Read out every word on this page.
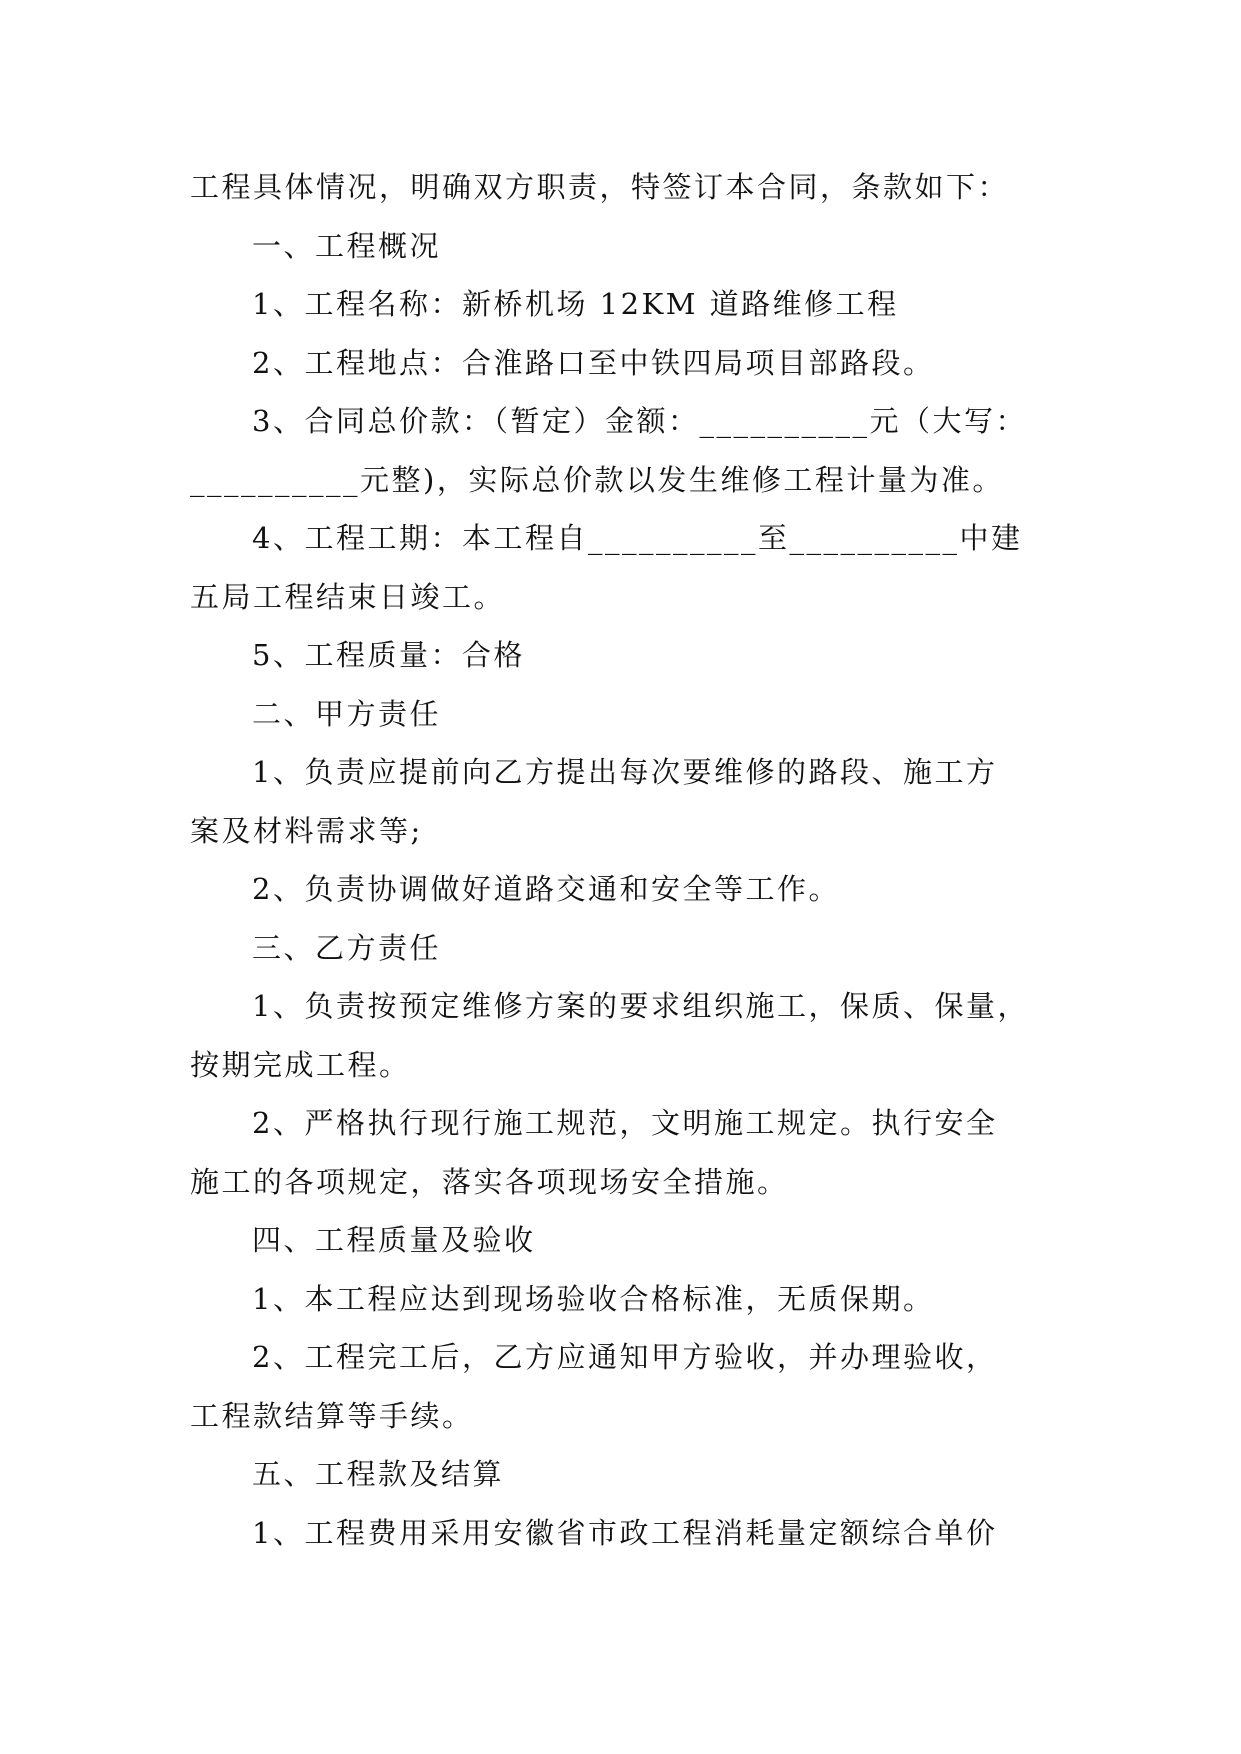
工程具体情况，明确双方职责，特签订本合同，条款如下：
一、工程概况
1、工程名称：新桥机场 12KM 道路维修工程
2、工程地点：合淮路口至中铁四局项目部路段。
3、合同总价款：（暂定）金额：__________元（大写：
__________元整)，实际总价款以发生维修工程计量为准。
4、工程工期：本工程自__________至__________中建
五局工程结束日竣工。
5、工程质量：合格
二、甲方责任
1、负责应提前向乙方提出每次要维修的路段、施工方
案及材料需求等;
2、负责协调做好道路交通和安全等工作。
三、乙方责任
1、负责按预定维修方案的要求组织施工，保质、保量，
按期完成工程。
2、严格执行现行施工规范，文明施工规定。执行安全
施工的各项规定，落实各项现场安全措施。
四、工程质量及验收
1、本工程应达到现场验收合格标准，无质保期。
2、工程完工后，乙方应通知甲方验收，并办理验收，
工程款结算等手续。
五、工程款及结算
1、工程费用采用安徽省市政工程消耗量定额综合单价
